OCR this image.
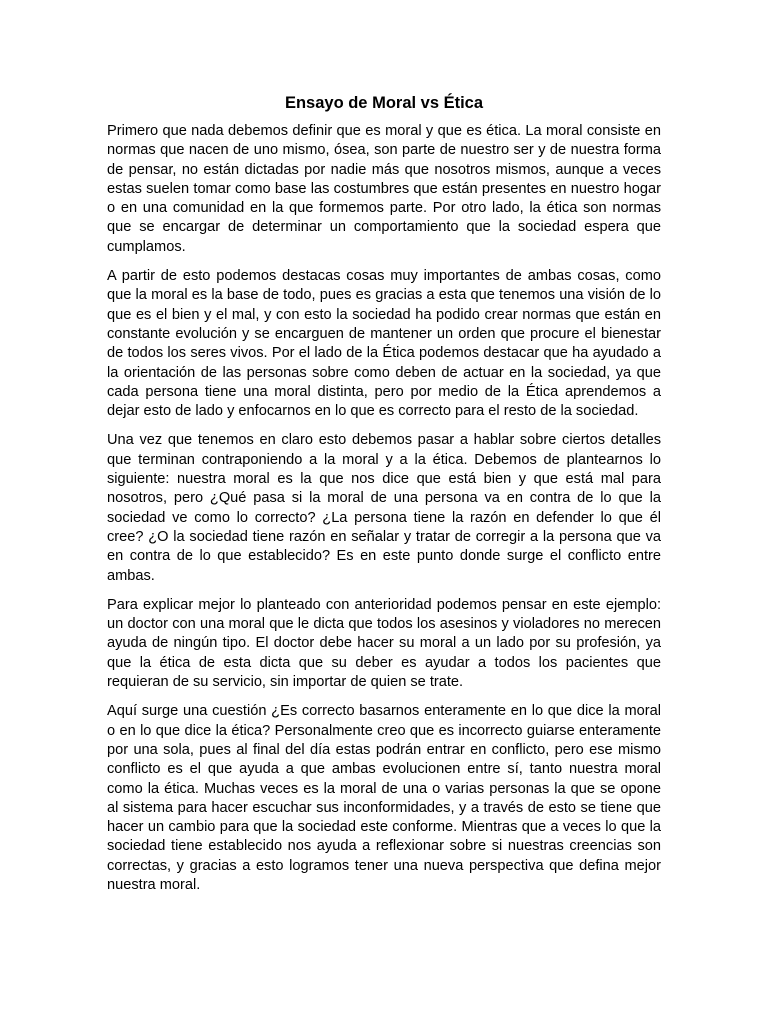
Ensayo de Moral vs Ética

Primero que nada debemos definir que es moral y que es ética. La moral consiste en normas que nacen de uno mismo, ósea, son parte de nuestro ser y de nuestra forma de pensar, no están dictadas por nadie más que nosotros mismos, aunque a veces estas suelen tomar como base las costumbres que están presentes en nuestro hogar o en una comunidad en la que formemos parte. Por otro lado, la ética son normas que se encargar de determinar un comportamiento que la sociedad espera que cumplamos.

A partir de esto podemos destacas cosas muy importantes de ambas cosas, como que la moral es la base de todo, pues es gracias a esta que tenemos una visión de lo que es el bien y el mal, y con esto la sociedad ha podido crear normas que están en constante evolución y se encarguen de mantener un orden que procure el bienestar de todos los seres vivos. Por el lado de la Ética podemos destacar que ha ayudado a la orientación de las personas sobre como deben de actuar en la sociedad, ya que cada persona tiene una moral distinta, pero por medio de la Ética aprendemos a dejar esto de lado y enfocarnos en lo que es correcto para el resto de la sociedad.

Una vez que tenemos en claro esto debemos pasar a hablar sobre ciertos detalles que terminan contraponiendo a la moral y a la ética. Debemos de plantearnos lo siguiente: nuestra moral es la que nos dice que está bien y que está mal para nosotros, pero ¿Qué pasa si la moral de una persona va en contra de lo que la sociedad ve como lo correcto? ¿La persona tiene la razón en defender lo que él cree? ¿O la sociedad tiene razón en señalar y tratar de corregir a la persona que va en contra de lo que establecido? Es en este punto donde surge el conflicto entre ambas.

Para explicar mejor lo planteado con anterioridad podemos pensar en este ejemplo: un doctor con una moral que le dicta que todos los asesinos y violadores no merecen ayuda de ningún tipo. El doctor debe hacer su moral a un lado por su profesión, ya que la ética de esta dicta que su deber es ayudar a todos los pacientes que requieran de su servicio, sin importar de quien se trate.

Aquí surge una cuestión ¿Es correcto basarnos enteramente en lo que dice la moral o en lo que dice la ética? Personalmente creo que es incorrecto guiarse enteramente por una sola, pues al final del día estas podrán entrar en conflicto, pero ese mismo conflicto es el que ayuda a que ambas evolucionen entre sí, tanto nuestra moral como la ética. Muchas veces es la moral de una o varias personas la que se opone al sistema para hacer escuchar sus inconformidades, y a través de esto se tiene que hacer un cambio para que la sociedad este conforme. Mientras que a veces lo que la sociedad tiene establecido nos ayuda a reflexionar sobre si nuestras creencias son correctas, y gracias a esto logramos tener una nueva perspectiva que defina mejor nuestra moral.
